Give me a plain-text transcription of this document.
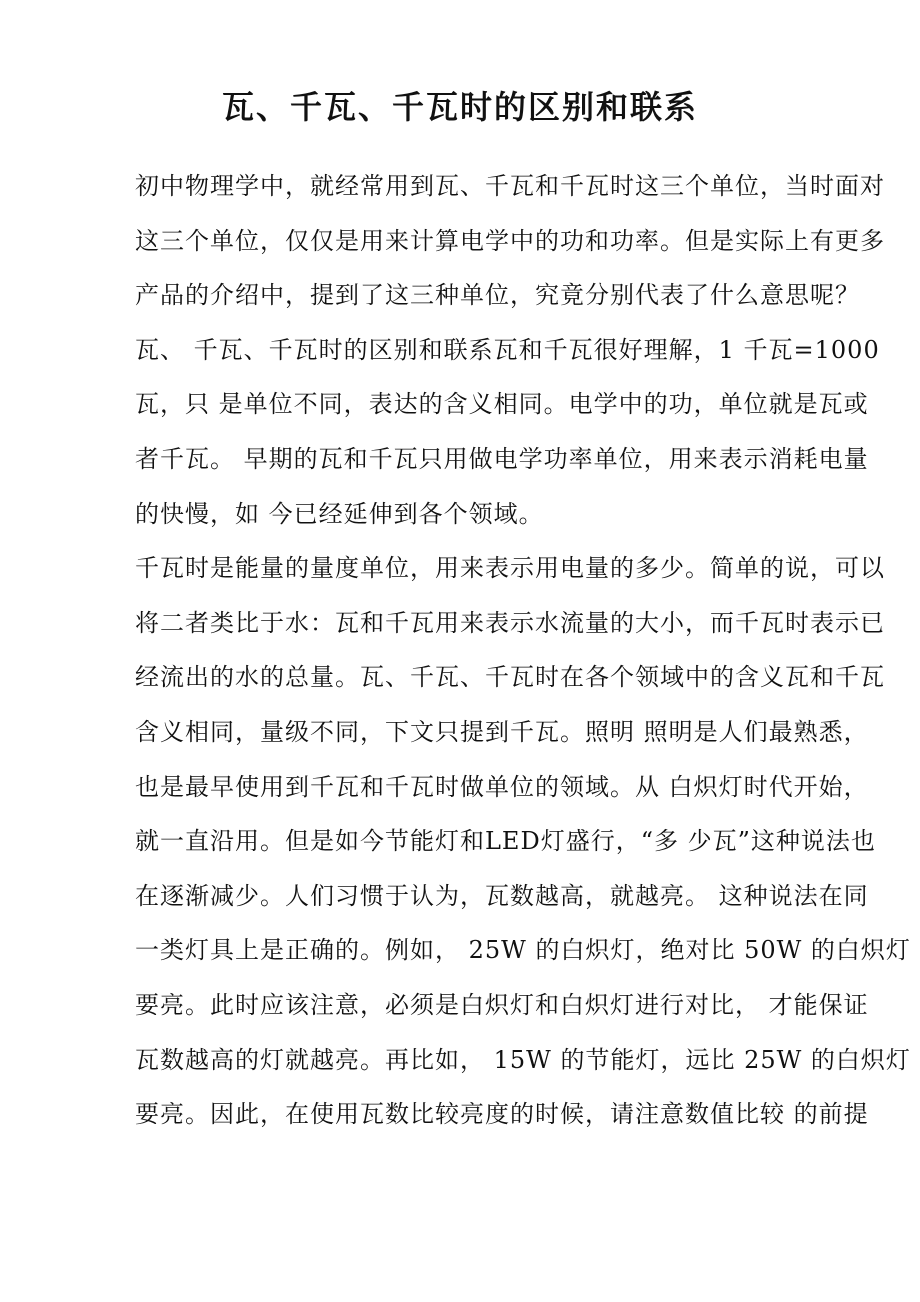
瓦、千瓦、千瓦时的区别和联系
初中物理学中，就经常用到瓦、千瓦和千瓦时这三个单位，当时面对
这三个单位，仅仅是用来计算电学中的功和功率。但是实际上有更多
产品的介绍中，提到了这三种单位，究竟分别代表了什么意思呢？
瓦、 千瓦、千瓦时的区别和联系瓦和千瓦很好理解，1 千瓦=1000
瓦，只 是单位不同，表达的含义相同。电学中的功，单位就是瓦或
者千瓦。 早期的瓦和千瓦只用做电学功率单位，用来表示消耗电量
的快慢，如 今已经延伸到各个领域。
千瓦时是能量的量度单位，用来表示用电量的多少。简单的说，可以
将二者类比于水：瓦和千瓦用来表示水流量的大小，而千瓦时表示已
经流出的水的总量。瓦、千瓦、千瓦时在各个领域中的含义瓦和千瓦
含义相同，量级不同，下文只提到千瓦。照明 照明是人们最熟悉，
也是最早使用到千瓦和千瓦时做单位的领域。从 白炽灯时代开始，
就一直沿用。但是如今节能灯和LED灯盛行，“多 少瓦”这种说法也
在逐渐减少。人们习惯于认为，瓦数越高，就越亮。 这种说法在同
一类灯具上是正确的。例如， 25W 的白炽灯，绝对比 50W 的白炽灯
要亮。此时应该注意，必须是白炽灯和白炽灯进行对比， 才能保证
瓦数越高的灯就越亮。再比如， 15W 的节能灯，远比 25W 的白炽灯
要亮。因此，在使用瓦数比较亮度的时候，请注意数值比较 的前提
